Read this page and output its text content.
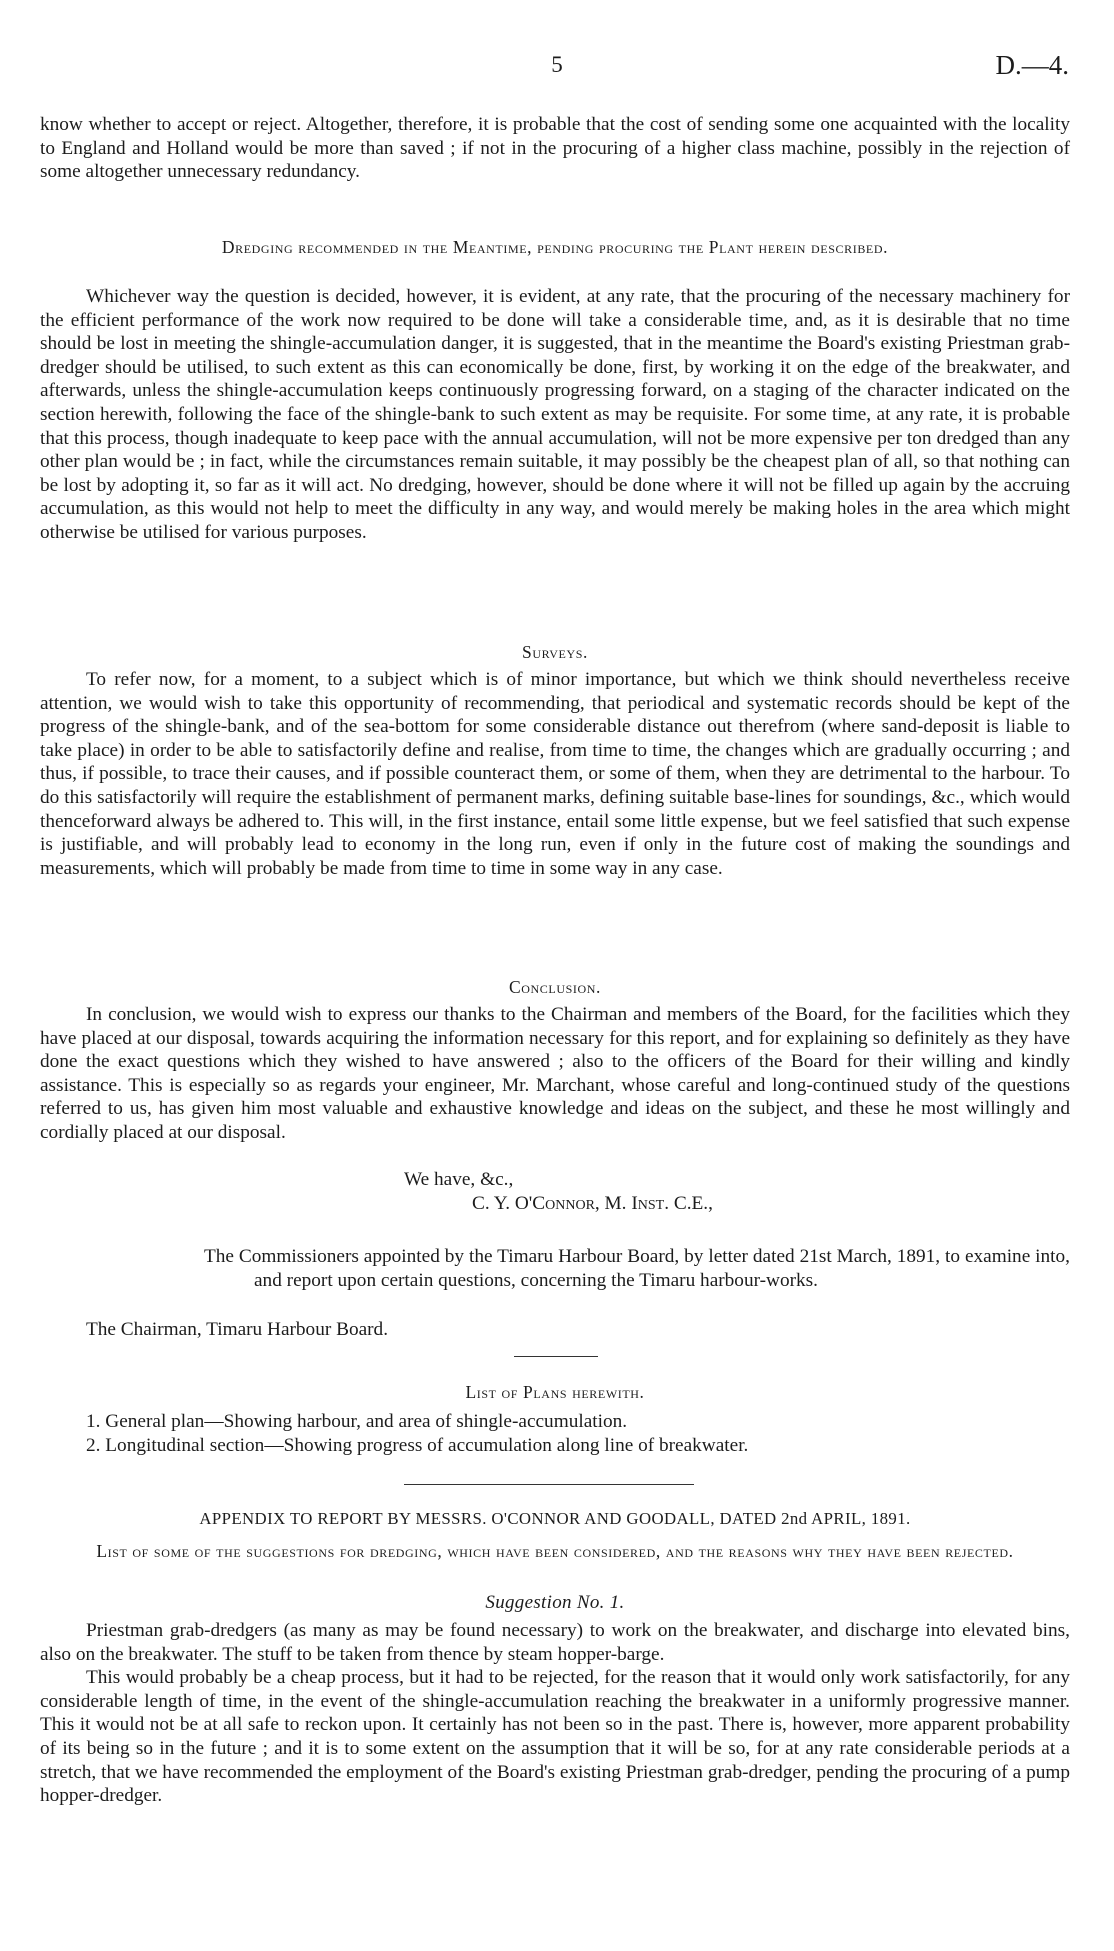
5	D.—4.

know whether to accept or reject. Altogether, therefore, it is probable that the cost of sending some one acquainted with the locality to England and Holland would be more than saved ; if not in the procuring of a higher class machine, possibly in the rejection of some altogether unnecessary redundancy.

Dredging recommended in the Meantime, pending procuring the Plant herein described.

Whichever way the question is decided, however, it is evident, at any rate, that the procuring of the necessary machinery for the efficient performance of the work now required to be done will take a considerable time, and, as it is desirable that no time should be lost in meeting the shingle-accumulation danger, it is suggested, that in the meantime the Board's existing Priestman grab-dredger should be utilised, to such extent as this can economically be done, first, by working it on the edge of the breakwater, and afterwards, unless the shingle-accumulation keeps continuously progressing forward, on a staging of the character indicated on the section herewith, following the face of the shingle-bank to such extent as may be requisite. For some time, at any rate, it is probable that this process, though inadequate to keep pace with the annual accumulation, will not be more expensive per ton dredged than any other plan would be ; in fact, while the circumstances remain suitable, it may possibly be the cheapest plan of all, so that nothing can be lost by adopting it, so far as it will act. No dredging, however, should be done where it will not be filled up again by the accruing accumulation, as this would not help to meet the difficulty in any way, and would merely be making holes in the area which might otherwise be utilised for various purposes.

Surveys.

To refer now, for a moment, to a subject which is of minor importance, but which we think should nevertheless receive attention, we would wish to take this opportunity of recommending, that periodical and systematic records should be kept of the progress of the shingle-bank, and of the sea-bottom for some considerable distance out therefrom (where sand-deposit is liable to take place) in order to be able to satisfactorily define and realise, from time to time, the changes which are gradually occurring ; and thus, if possible, to trace their causes, and if possible counteract them, or some of them, when they are detrimental to the harbour. To do this satisfactorily will require the establishment of permanent marks, defining suitable base-lines for soundings, &c., which would thenceforward always be adhered to. This will, in the first instance, entail some little expense, but we feel satisfied that such expense is justifiable, and will probably lead to economy in the long run, even if only in the future cost of making the soundings and measurements, which will probably be made from time to time in some way in any case.

Conclusion.

In conclusion, we would wish to express our thanks to the Chairman and members of the Board, for the facilities which they have placed at our disposal, towards acquiring the information necessary for this report, and for explaining so definitely as they have done the exact questions which they wished to have answered ; also to the officers of the Board for their willing and kindly assistance. This is especially so as regards your engineer, Mr. Marchant, whose careful and long-continued study of the questions referred to us, has given him most valuable and exhaustive knowledge and ideas on the subject, and these he most willingly and cordially placed at our disposal.

We have, &c.,
C. Y. O'Connor, M. Inst. C.E.,

The Commissioners appointed by the Timaru Harbour Board, by letter dated 21st March, 1891, to examine into, and report upon certain questions, concerning the Timaru harbour-works.

The Chairman, Timaru Harbour Board.
List of Plans herewith.
1. General plan—Showing harbour, and area of shingle-accumulation.
2. Longitudinal section—Showing progress of accumulation along line of breakwater.
APPENDIX TO REPORT BY MESSRS. O'CONNOR AND GOODALL, DATED 2nd APRIL, 1891.
List of some of the suggestions for dredging, which have been considered, and the reasons why they have been rejected.
Suggestion No. 1.

Priestman grab-dredgers (as many as may be found necessary) to work on the breakwater, and discharge into elevated bins, also on the breakwater. The stuff to be taken from thence by steam hopper-barge.

This would probably be a cheap process, but it had to be rejected, for the reason that it would only work satisfactorily, for any considerable length of time, in the event of the shingle-accumulation reaching the breakwater in a uniformly progressive manner. This it would not be at all safe to reckon upon. It certainly has not been so in the past. There is, however, more apparent probability of its being so in the future ; and it is to some extent on the assumption that it will be so, for at any rate considerable periods at a stretch, that we have recommended the employment of the Board's existing Priestman grab-dredger, pending the procuring of a pump hopper-dredger.
